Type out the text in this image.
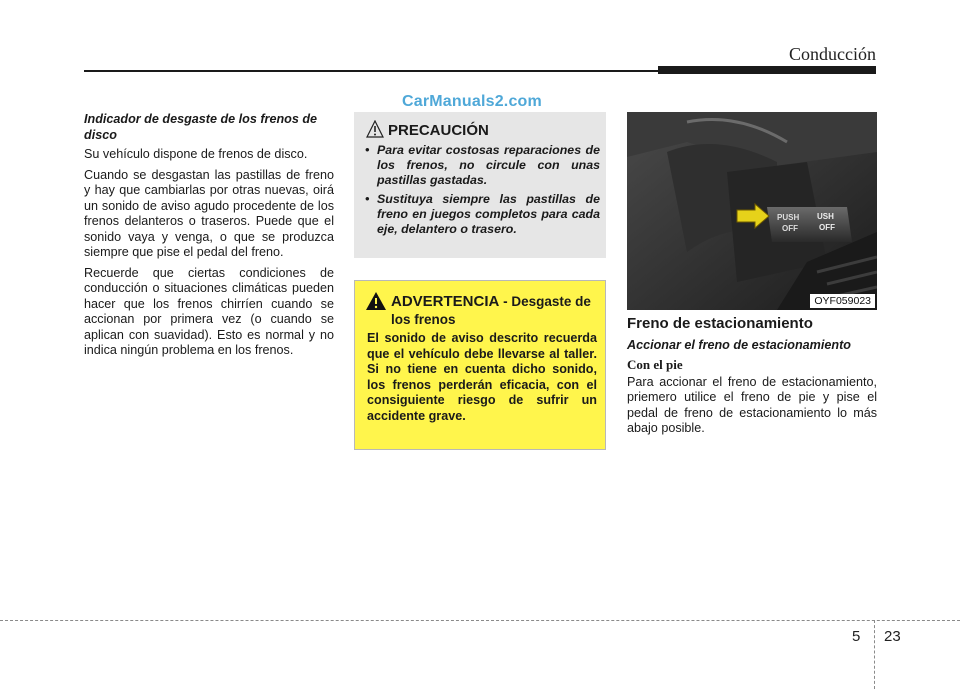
Conducción
CarManuals2.com
Indicador de desgaste de los frenos de disco

Su vehículo dispone de frenos de disco.

Cuando se desgastan las pastillas de freno y hay que cambiarlas por otras nuevas, oirá un sonido de aviso agudo procedente de los frenos delanteros o traseros. Puede que el sonido vaya y venga, o que se produzca siempre que pise el pedal del freno.

Recuerde que ciertas condiciones de conducción o situaciones climáticas pueden hacer que los frenos chirríen cuando se accionan por primera vez (o cuando se aplican con suavidad). Esto es normal y no indica ningún problema en los frenos.

PRECAUCIÓN
• Para evitar costosas reparaciones de los frenos, no circule con unas pastillas gastadas.
• Sustituya siempre las pastillas de freno en juegos completos para cada eje, delantero o trasero.
ADVERTENCIA - Desgaste de los frenos
El sonido de aviso descrito recuerda que el vehículo debe llevarse al taller. Si no tiene en cuenta dicho sonido, los frenos perderán eficacia, con el consiguiente riesgo de sufrir un accidente grave.
PUSH
OFF
USH
OFF
OYF059023
Freno de estacionamiento
Accionar el freno de estacionamiento
Con el pie

Para accionar el freno de estacionamiento, priemero utilice el freno de pie y pise el pedal de freno de estacionamiento lo más abajo posible.

5 23
